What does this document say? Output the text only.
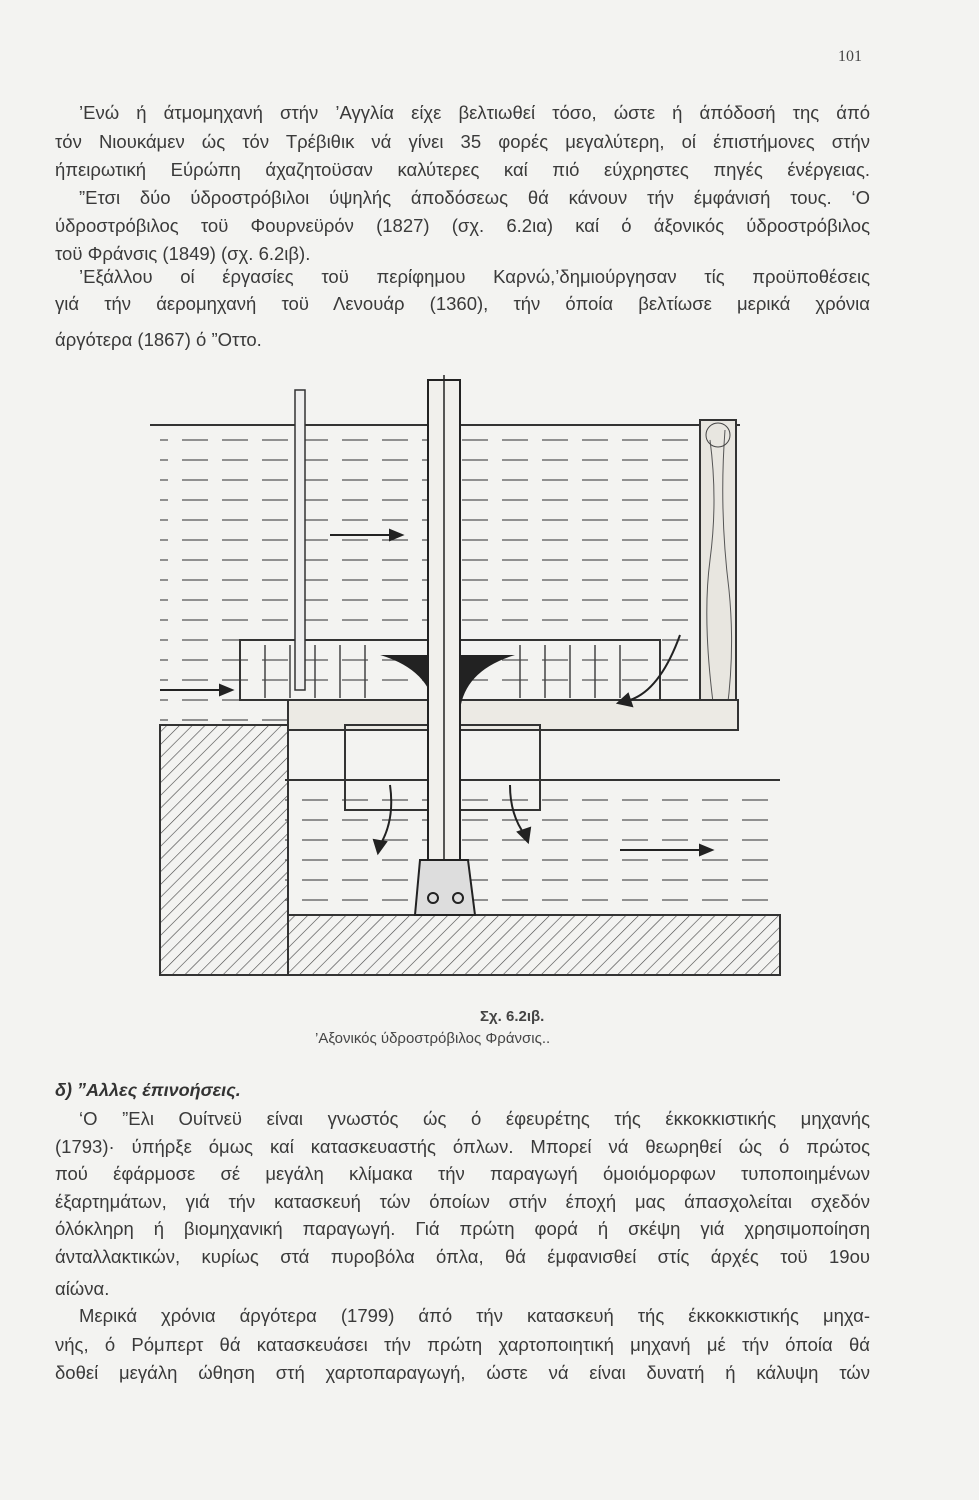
101
’Ενώ ή άτμομηχανή στήν ’Αγγλία είχε βελτιωθεί τόσο, ώστε ή άπόδοσή της άπό
τόν Νιουκάμεν ώς τόν Τρέβιθικ νά γίνει 35 φορές μεγαλύτερη, οί έπιστήμονες στήν
ήπειρωτική Εύρώπη άχαζητοϋσαν καλύτερες καί πιό εύχρηστες πηγές ένέργειας.
”Ετσι δύο ύδροστρόβιλοι ύψηλής άποδόσεως θά κάνουν τήν έμφάνισή τους. ‘Ο
ύδροστρόβιλος τοϋ Φουρνεϋρόν (1827) (σχ. 6.2ια) καί ό άξονικός ύδροστρόβιλος
τοϋ Φράνσις (1849) (σχ. 6.2ιβ).
’Εξάλλου οί έργασίες τοϋ περίφημου Καρνώ,’δημιούργησαν τίς προϋποθέσεις
γιά τήν άερομηχανή τοϋ Λενουάρ (1360), τήν όποία βελτίωσε μερικά χρόνια
άργότερα (1867) ό ”Οττο.
Σχ. 6.2ιβ.
’Αξονικός ύδροστρόβιλος Φράνσις..
δ) ”Αλλες έπινοήσεις.
‘Ο ”Ελι Ουίτνεϋ είναι γνωστός ώς ό έφευρέτης τής έκκοκκιστικής μηχανής
(1793)· ύπήρξε όμως καί κατασκευαστής όπλων. Μπορεί νά θεωρηθεί ώς ό πρώτος
πού έφάρμοσε σέ μεγάλη κλίμακα τήν παραγωγή όμοιόμορφων τυποποιημένων
έξαρτημάτων, γιά τήν κατασκευή τών όποίων στήν έποχή μας άπασχολείται σχεδόν
όλόκληρη ή βιομηχανική παραγωγή. Γιά πρώτη φορά ή σκέψη γιά χρησιμοποίηση
άνταλλακτικών, κυρίως στά πυροβόλα όπλα, θά έμφανισθεί στίς άρχές τοϋ 19ου
αίώνα.
Μερικά χρόνια άργότερα (1799) άπό τήν κατασκευή τής έκκοκκιστικής μηχα-
νής, ό Ρόμπερτ θά κατασκευάσει τήν πρώτη χαρτοποιητική μηχανή μέ τήν όποία θά
δοθεί μεγάλη ώθηση στή χαρτοπαραγωγή, ώστε νά είναι δυνατή ή κάλυψη τών
